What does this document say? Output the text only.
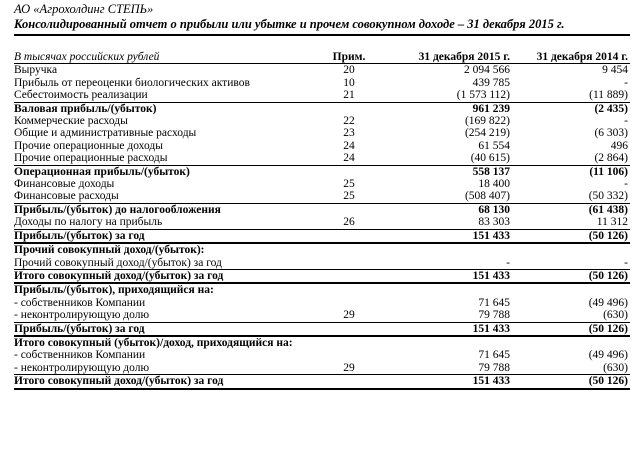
АО «Агрохолдинг СТЕПЬ»
Консолидированный отчет о прибыли или убытке и прочем совокупном доходе – 31 декабря 2015 г.
В тысячах российских рублей	Прим.	31 декабря 2015 г.	31 декабря 2014 г.
Выручка	20	2 094 566	9 454
Прибыль от переоценки биологических активов	10	439 785	-
Себестоимость реализации	21	(1 573 112)	(11 889)
Валовая прибыль/(убыток)		961 239	(2 435)
Коммерческие расходы	22	(169 822)	-
Общие и административные расходы	23	(254 219)	(6 303)
Прочие операционные доходы	24	61 554	496
Прочие операционные расходы	24	(40 615)	(2 864)
Операционная прибыль/(убыток)		558 137	(11 106)
Финансовые доходы	25	18 400	-
Финансовые расходы	25	(508 407)	(50 332)
Прибыль/(убыток) до налогообложения		68 130	(61 438)
Доходы по налогу на прибыль	26	83 303	11 312
Прибыль/(убыток) за год		151 433	(50 126)
Прочий совокупный доход/(убыток):			
Прочий совокупный доход/(убыток) за год		-	-
Итого совокупный доход/(убыток) за год		151 433	(50 126)
Прибыль/(убыток), приходящийся на:			
- собственников Компании		71 645	(49 496)
- неконтролирующую долю	29	79 788	(630)
Прибыль/(убыток) за год		151 433	(50 126)
Итого совокупный (убыток)/доход, приходящийся на:			
- собственников Компании		71 645	(49 496)
- неконтролирующую долю	29	79 788	(630)
Итого совокупный доход/(убыток) за год		151 433	(50 126)
